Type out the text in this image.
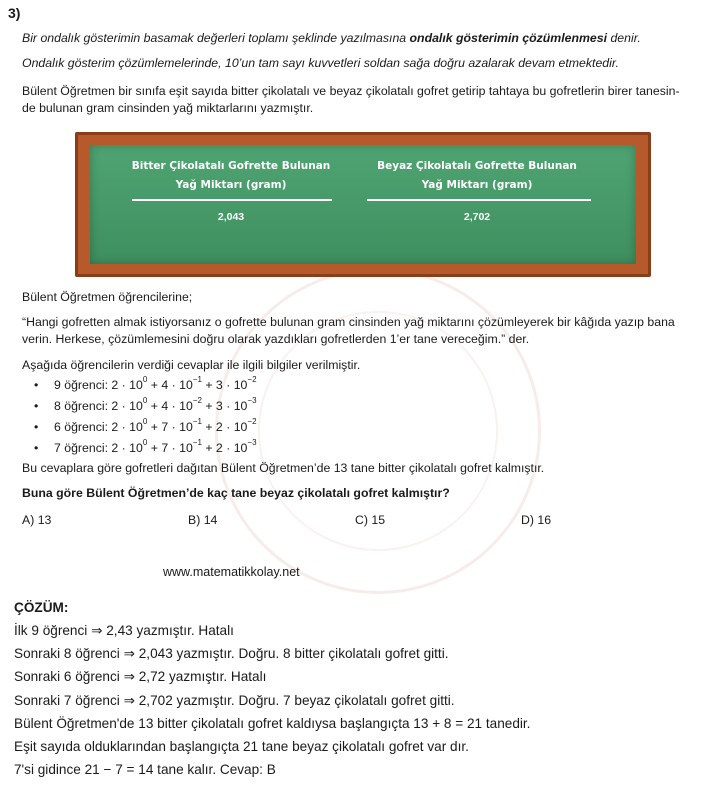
3)
Bir ondalık gösterimin basamak değerleri toplamı şeklinde yazılmasına ondalık gösterimin çözümlenmesi denir.
Ondalık gösterim çözümlemelerinde, 10’un tam sayı kuvvetleri soldan sağa doğru azalarak devam etmektedir.
Bülent Öğretmen bir sınıfa eşit sayıda bitter çikolatalı ve beyaz çikolatalı gofret getirip tahtaya bu gofretlerin birer tanesin-
de bulunan gram cinsinden yağ miktarlarını yazmıştır.
Bitter Çikolatalı Gofrette Bulunan
Yağ Miktarı (gram)
2,043
Beyaz Çikolatalı Gofrette Bulunan
Yağ Miktarı (gram)
2,702
Bülent Öğretmen öğrencilerine;
“Hangi gofretten almak istiyorsanız o gofrette bulunan gram cinsinden yağ miktarını çözümleyerek bir kâğıda yazıp bana
verin. Herkese, çözümlemesini doğru olarak yazdıkları gofretlerden 1’er tane vereceğim.” der.
Aşağıda öğrencilerin verdiği cevaplar ile ilgili bilgiler verilmiştir.
• 9 öğrenci: $2 \cdot 10^0 + 4 \cdot 10^{-1} + 3 \cdot 10^{-2}$
• 8 öğrenci: $2 \cdot 10^0 + 4 \cdot 10^{-2} + 3 \cdot 10^{-3}$
• 6 öğrenci: $2 \cdot 10^0 + 7 \cdot 10^{-1} + 2 \cdot 10^{-2}$
• 7 öğrenci: $2 \cdot 10^0 + 7 \cdot 10^{-1} + 2 \cdot 10^{-3}$
Bu cevaplara göre gofretleri dağıtan Bülent Öğretmen’de 13 tane bitter çikolatalı gofret kalmıştır.
Buna göre Bülent Öğretmen’de kaç tane beyaz çikolatalı gofret kalmıştır?
A) 13	B) 14	C) 15	D) 16
www.matematikkolay.net
ÇÖZÜM:
İlk 9 öğrenci ⇒ 2,43 yazmıştır. Hatalı
Sonraki 8 öğrenci ⇒ 2,043 yazmıştır. Doğru. 8 bitter çikolatalı gofret gitti.
Sonraki 6 öğrenci ⇒ 2,72 yazmıştır. Hatalı
Sonraki 7 öğrenci ⇒ 2,702 yazmıştır. Doğru. 7 beyaz çikolatalı gofret gitti.
Bülent Öğretmen'de 13 bitter çikolatalı gofret kaldıysa başlangıçta 13 + 8 = 21 tanedir.
Eşit sayıda olduklarından başlangıçta 21 tane beyaz çikolatalı gofret var dır.
7'si gidince 21 − 7 = 14 tane kalır. Cevap: B
